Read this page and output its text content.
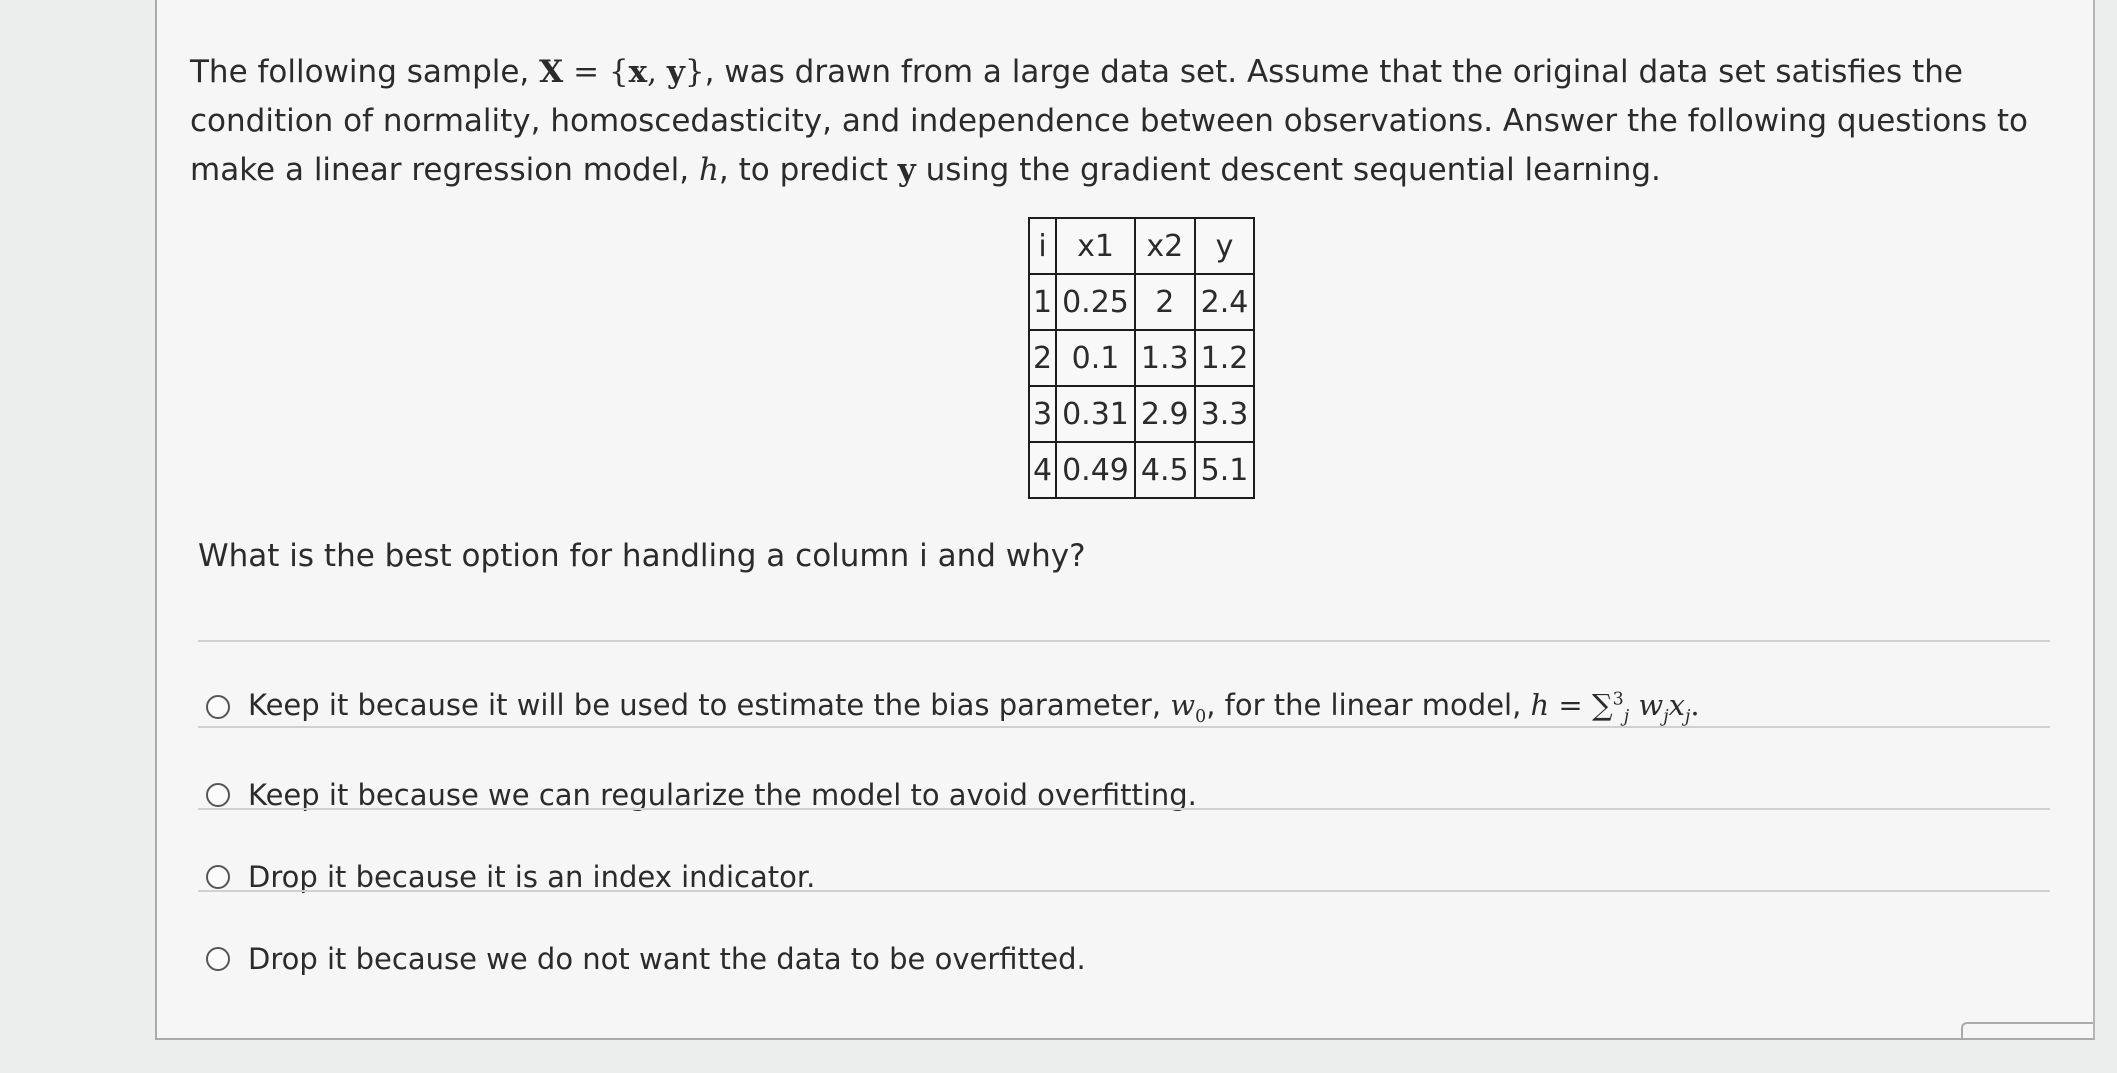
The following sample, X = {x, y}, was drawn from a large data set. Assume that the original data set satisfies the condition of normality, homoscedasticity, and independence between observations. Answer the following questions to make a linear regression model, h, to predict y using the gradient descent sequential learning.

i	x1	x2	y
1	0.25	2	2.4
2	0.1	1.3	1.2
3	0.31	2.9	3.3
4	0.49	4.5	5.1

What is the best option for handling a column i and why?

Keep it because it will be used to estimate the bias parameter, $w_0$, for the linear model, h = ∑$^3_j$ $w_jx_j$.
Keep it because we can regularize the model to avoid overfitting.
Drop it because it is an index indicator.
Drop it because we do not want the data to be overfitted.
